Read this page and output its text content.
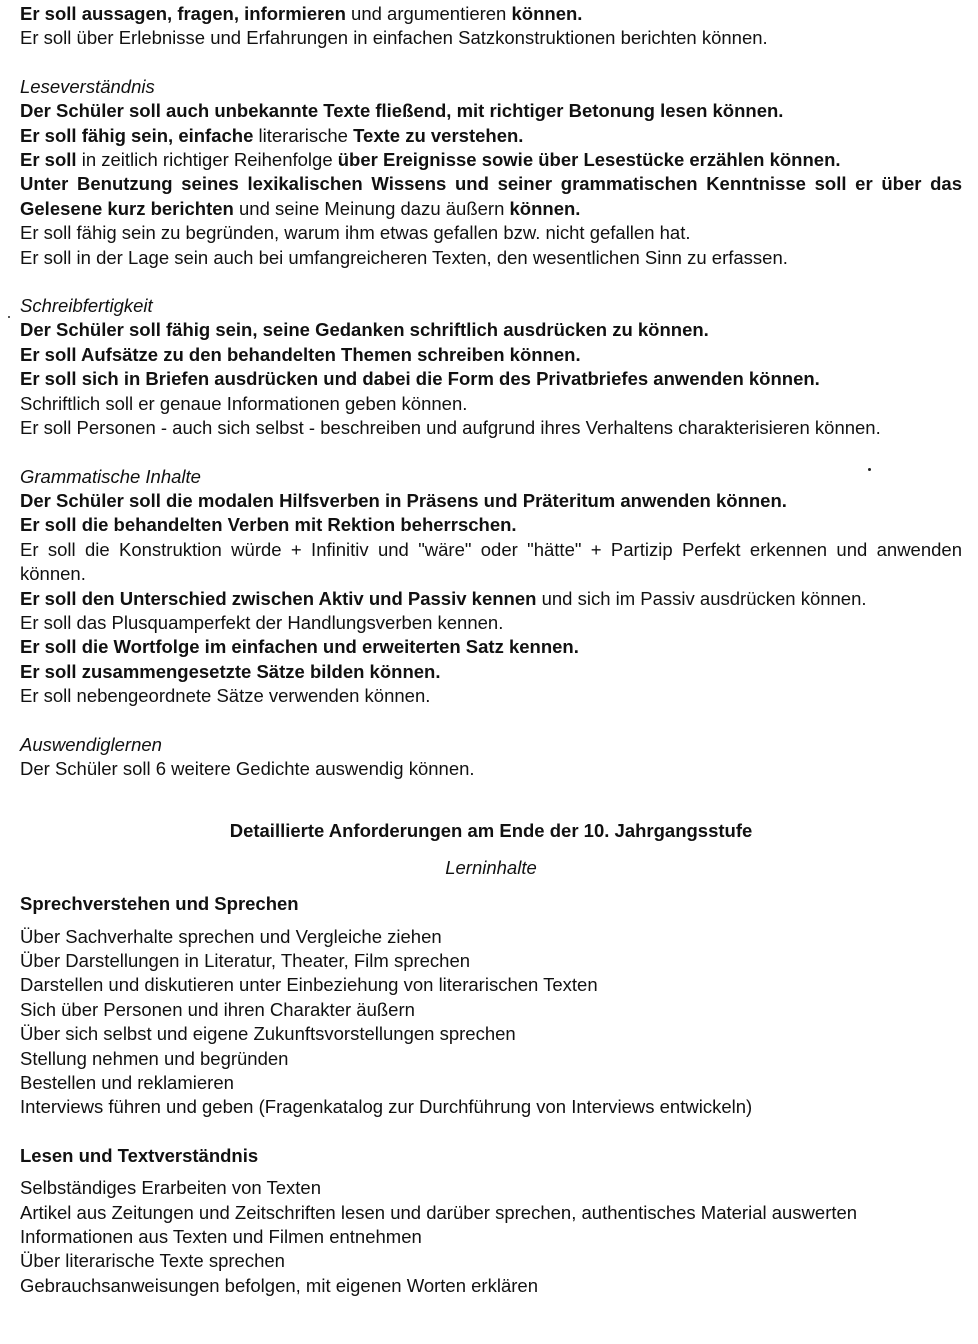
Er soll aussagen, fragen, informieren und argumentieren können.

Er soll über Erlebnisse und Erfahrungen in einfachen Satzkonstruktionen berichten können.

Leseverständnis

Der Schüler soll auch unbekannte Texte fließend, mit richtiger Betonung lesen können.

Er soll fähig sein, einfache literarische Texte zu verstehen.

Er soll in zeitlich richtiger Reihenfolge über Ereignisse sowie über Lesestücke erzählen können.

Unter Benutzung seines lexikalischen Wissens und seiner grammatischen Kenntnisse soll er über das Gelesene kurz berichten und seine Meinung dazu äußern können.

Er soll fähig sein zu begründen, warum ihm etwas gefallen bzw. nicht gefallen hat.

Er soll in der Lage sein auch bei umfangreicheren Texten, den wesentlichen Sinn zu erfassen.

Schreibfertigkeit

Der Schüler soll fähig sein, seine Gedanken schriftlich ausdrücken zu können.

Er soll Aufsätze zu den behandelten Themen schreiben können.

Er soll sich in Briefen ausdrücken und dabei die Form des Privatbriefes anwenden können.

Schriftlich soll er genaue Informationen geben können.

Er soll Personen - auch sich selbst - beschreiben und aufgrund ihres Verhaltens charakterisieren können.

Grammatische Inhalte

Der Schüler soll die modalen Hilfsverben in Präsens und Präteritum anwenden können.

Er soll die behandelten Verben mit Rektion beherrschen.

Er soll die Konstruktion würde + Infinitiv und "wäre" oder "hätte" + Partizip Perfekt erkennen und anwenden können.

Er soll den Unterschied zwischen Aktiv und Passiv kennen und sich im Passiv ausdrücken können.

Er soll das Plusquamperfekt der Handlungsverben kennen.

Er soll die Wortfolge im einfachen und erweiterten Satz kennen.

Er soll zusammengesetzte Sätze bilden können.

Er soll nebengeordnete Sätze verwenden können.

Auswendiglernen

Der Schüler soll 6 weitere Gedichte auswendig können.

Detaillierte Anforderungen am Ende der 10. Jahrgangsstufe

Lerninhalte

Sprechverstehen und Sprechen

Über Sachverhalte sprechen und Vergleiche ziehen

Über Darstellungen in Literatur, Theater, Film sprechen

Darstellen und diskutieren unter Einbeziehung von literarischen Texten

Sich über Personen und ihren Charakter äußern

Über sich selbst und eigene Zukunftsvorstellungen sprechen

Stellung nehmen und begründen

Bestellen und reklamieren

Interviews führen und geben (Fragenkatalog zur Durchführung von Interviews entwickeln)

Lesen und Textverständnis

Selbständiges Erarbeiten von Texten

Artikel aus Zeitungen und Zeitschriften lesen und darüber sprechen, authentisches Material auswerten

Informationen aus Texten und Filmen entnehmen

Über literarische Texte sprechen

Gebrauchsanweisungen befolgen, mit eigenen Worten erklären
